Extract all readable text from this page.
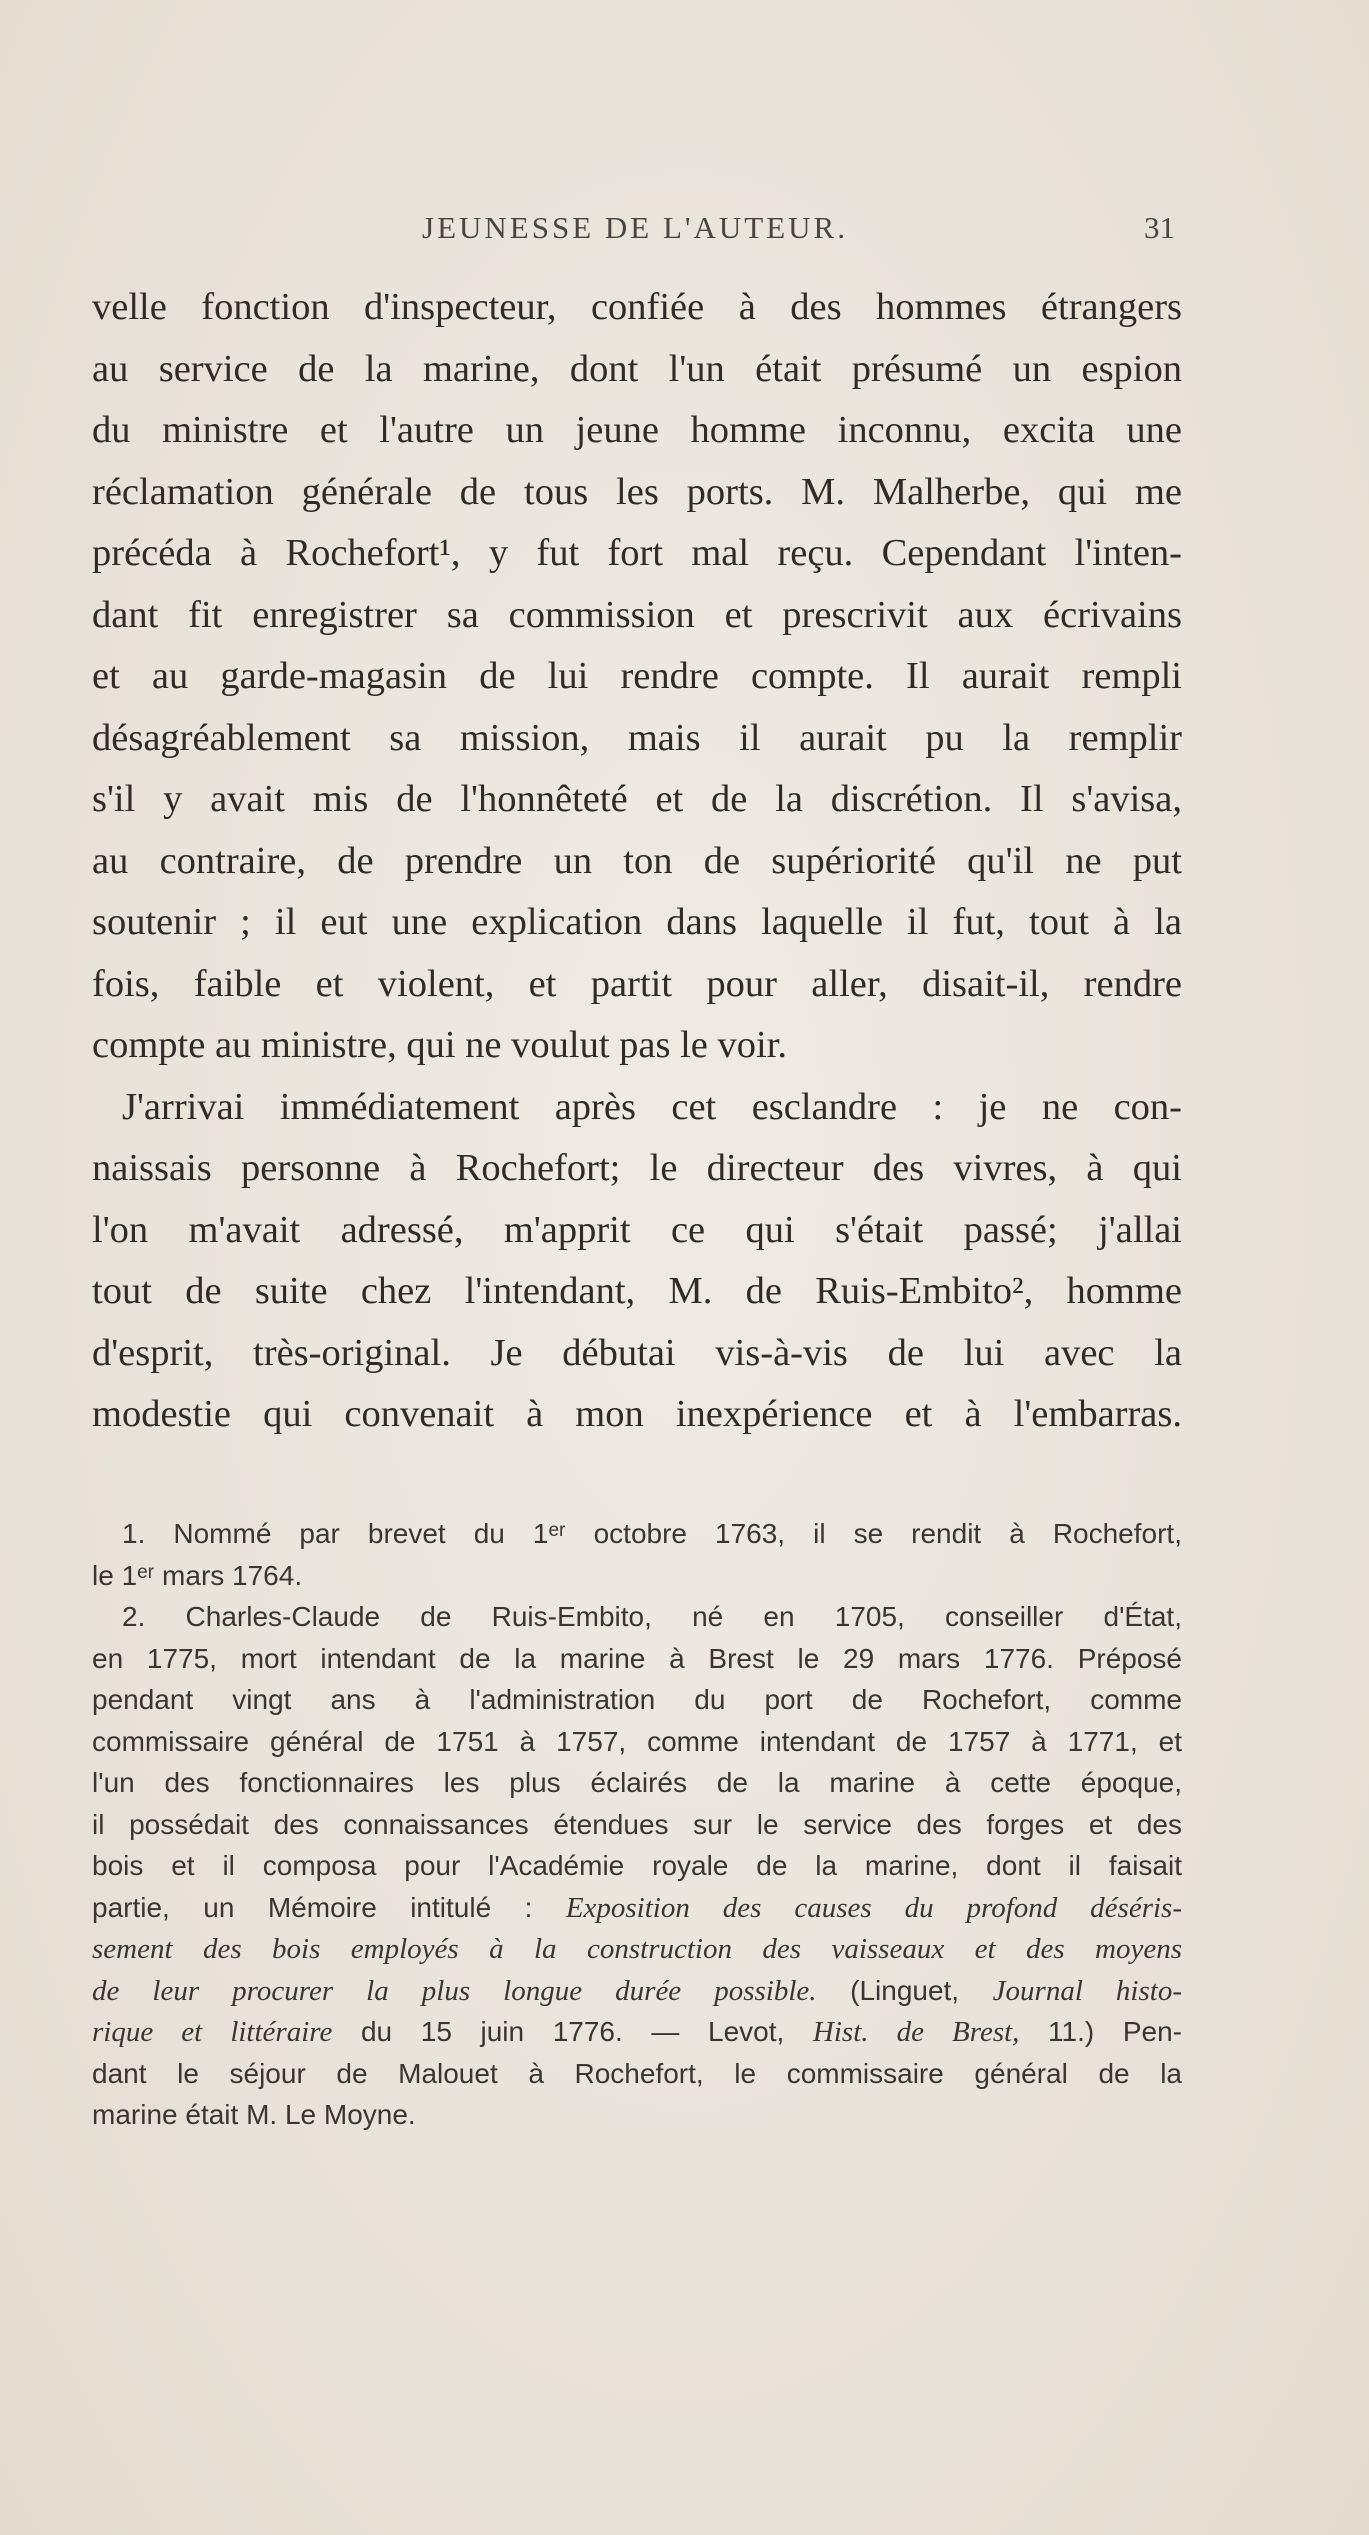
JEUNESSE DE L'AUTEUR.	31
velle fonction d'inspecteur, confiée à des hommes étrangers
au service de la marine, dont l'un était présumé un espion
du ministre et l'autre un jeune homme inconnu, excita une
réclamation générale de tous les ports. M. Malherbe, qui me
précéda à Rochefort¹, y fut fort mal reçu. Cependant l'inten-
dant fit enregistrer sa commission et prescrivit aux écrivains
et au garde-magasin de lui rendre compte. Il aurait rempli
désagréablement sa mission, mais il aurait pu la remplir
s'il y avait mis de l'honnêteté et de la discrétion. Il s'avisa,
au contraire, de prendre un ton de supériorité qu'il ne put
soutenir ; il eut une explication dans laquelle il fut, tout à la
fois, faible et violent, et partit pour aller, disait-il, rendre
compte au ministre, qui ne voulut pas le voir.
J'arrivai immédiatement après cet esclandre : je ne con-
naissais personne à Rochefort; le directeur des vivres, à qui
l'on m'avait adressé, m'apprit ce qui s'était passé; j'allai
tout de suite chez l'intendant, M. de Ruis-Embito², homme
d'esprit, très-original. Je débutai vis-à-vis de lui avec la
modestie qui convenait à mon inexpérience et à l'embarras.
1. Nommé par brevet du 1ᵉʳ octobre 1763, il se rendit à Rochefort,
le 1ᵉʳ mars 1764.
2. Charles-Claude de Ruis-Embito, né en 1705, conseiller d'État,
en 1775, mort intendant de la marine à Brest le 29 mars 1776. Préposé
pendant vingt ans à l'administration du port de Rochefort, comme
commissaire général de 1751 à 1757, comme intendant de 1757 à 1771, et
l'un des fonctionnaires les plus éclairés de la marine à cette époque,
il possédait des connaissances étendues sur le service des forges et des
bois et il composa pour l'Académie royale de la marine, dont il faisait
partie, un Mémoire intitulé : Exposition des causes du profond déséris-
sement des bois employés à la construction des vaisseaux et des moyens
de leur procurer la plus longue durée possible. (Linguet, Journal histo-
rique et littéraire du 15 juin 1776. — Levot, Hist. de Brest, 11.) Pen-
dant le séjour de Malouet à Rochefort, le commissaire général de la
marine était M. Le Moyne.
